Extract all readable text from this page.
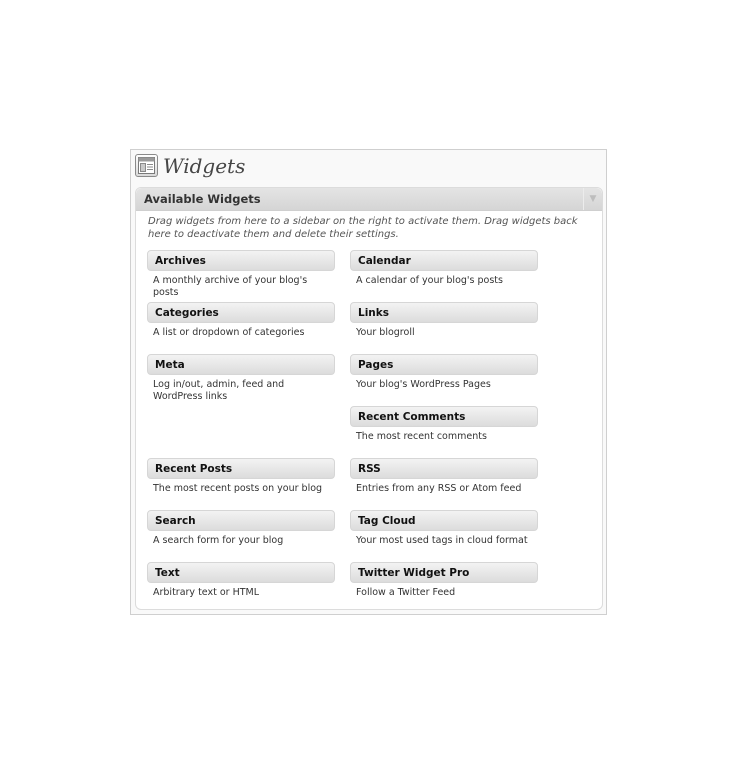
Widgets
Available Widgets	▼
Drag widgets from here to a sidebar on the right to activate them. Drag widgets back here to deactivate them and delete their settings.
Archives
A monthly archive of your blog's posts
Calendar
A calendar of your blog's posts
Categories
A list or dropdown of categories
Links
Your blogroll
Meta
Log in/out, admin, feed and WordPress links
Pages
Your blog's WordPress Pages
Recent Comments
The most recent comments
Recent Posts
The most recent posts on your blog
RSS
Entries from any RSS or Atom feed
Search
A search form for your blog
Tag Cloud
Your most used tags in cloud format
Text
Arbitrary text or HTML
Twitter Widget Pro
Follow a Twitter Feed
